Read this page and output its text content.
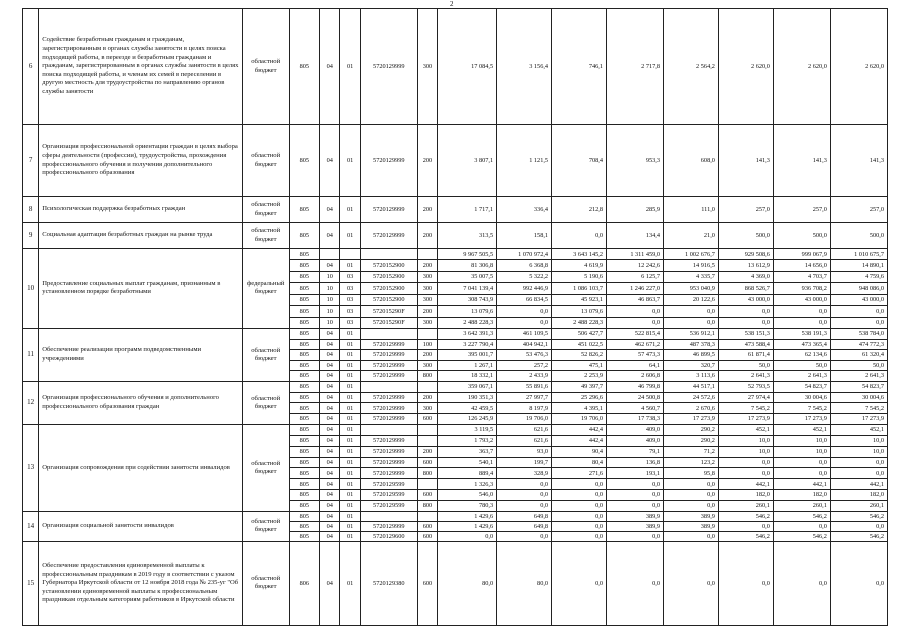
2
6	Содействие безработным гражданам и гражданам, зарегистрированным в органах службы занятости в целях поиска подходящей работы, в переезде и безработным гражданам и гражданам, зарегистрированным в органах службы занятости в целях поиска подходящей работы, и членам их семей в переселении в другую местность для трудоустройства по направлению органов службы занятости	областной бюджет	805	04	01	5720129999	300	17 084,5	3 156,4	746,1	2 717,8	2 564,2	2 620,0	2 620,0	2 620,0
7	Организация профессиональной ориентации граждан в целях выбора сферы деятельности (профессии), трудоустройства, прохождения профессионального обучения и получения дополнительного профессионального образования	областной бюджет	805	04	01	5720129999	200	3 807,1	1 121,5	708,4	953,3	608,0	141,3	141,3	141,3
8	Психологическая поддержка безработных граждан	областной бюджет	805	04	01	5720129999	200	1 717,1	336,4	212,8	285,9	111,0	257,0	257,0	257,0
9	Социальная адаптация безработных граждан на рынке труда	областной бюджет	805	04	01	5720129999	200	313,5	158,1	0,0	134,4	21,0	500,0	500,0	500,0
10	Предоставление социальных выплат гражданам, признанным в установленном порядке безработными	федеральный бюджет	805					9 967 505,5	1 070 972,4	3 643 145,2	1 311 459,0	1 002 676,7	929 508,6	999 067,9	1 010 675,7
			805	04	01	5720152900	200	81 306,8	6 368,8	4 619,9	12 242,6	14 916,5	13 612,9	14 656,0	14 890,1
			805	10	03	5720152900	300	35 007,5	5 322,2	5 190,6	6 125,7	4 335,7	4 369,0	4 703,7	4 759,6
			805	10	03	5720152900	300	7 041 139,4	992 446,9	1 086 103,7	1 246 227,0	953 040,9	868 526,7	936 708,2	948 086,0
			805	10	03	5720152900	300	308 743,9	66 834,5	45 923,1	46 863,7	20 122,6	43 000,0	43 000,0	43 000,0
			805	10	03	572015290F	200	13 079,6	0,0	13 079,6	0,0	0,0	0,0	0,0	0,0
			805	10	03	572015290F	300	2 488 228,3	0,0	2 488 228,3	0,0	0,0	0,0	0,0	0,0
11	Обеспечение реализации программ подведомственными учреждениями	областной бюджет	805	04	01			3 642 391,3	461 109,5	506 427,7	522 815,4	536 912,1	538 151,3	538 191,3	538 784,0
			805	04	01	5720129999	100	3 227 790,4	404 942,1	451 022,5	462 671,2	487 378,3	473 588,4	473 365,4	474 772,3
			805	04	01	5720129999	200	395 001,7	53 476,3	52 826,2	57 473,3	46 899,5	61 871,4	62 134,6	61 320,4
			805	04	01	5720129999	300	1 267,1	257,2	475,1	64,1	320,7	50,0	50,0	50,0
			805	04	01	5720129999	800	18 332,1	2 433,9	2 253,9	2 606,8	3 113,6	2 641,3	2 641,3	2 641,3
12	Организация профессионального обучения и дополнительного профессионального образования граждан	областной бюджет	805	04	01			359 067,1	55 891,6	49 397,7	46 799,8	44 517,1	52 793,5	54 823,7	54 823,7
			805	04	01	5720129999	200	190 351,3	27 997,7	25 296,6	24 500,8	24 572,6	27 974,4	30 004,6	30 004,6
			805	04	01	5720129999	300	42 459,5	8 197,9	4 395,1	4 560,7	2 670,6	7 545,2	7 545,2	7 545,2
			805	04	01	5720129999	600	126 245,9	19 706,0	19 706,0	17 738,3	17 273,9	17 273,9	17 273,9	17 273,9
13	Организация сопровождения при содействии занятости инвалидов	областной бюджет	805	04	01			3 119,5	621,6	442,4	409,0	290,2	452,1	452,1	452,1
			805	04	01	5720129999		1 793,2	621,6	442,4	409,0	290,2	10,0	10,0	10,0
			805	04	01	5720129999	200	363,7	93,0	90,4	79,1	71,2	10,0	10,0	10,0
			805	04	01	5720129999	600	540,1	199,7	80,4	136,8	123,2	0,0	0,0	0,0
			805	04	01	5720129999	800	889,4	328,9	271,6	193,1	95,8	0,0	0,0	0,0
			805	04	01	5720129599		1 326,3	0,0	0,0	0,0	0,0	442,1	442,1	442,1
			805	04	01	5720129599	600	546,0	0,0	0,0	0,0	0,0	182,0	182,0	182,0
			805	04	01	5720129599	800	780,3	0,0	0,0	0,0	0,0	260,1	260,1	260,1
14	Организация социальной занятости инвалидов	областной бюджет	805	04	01			1 429,6	649,8	0,0	389,9	389,9	546,2	546,2	546,2
			805	04	01	5720129999	600	1 429,6	649,8	0,0	389,9	389,9	0,0	0,0	0,0
			805	04	01	5720129600	600	0,0	0,0	0,0	0,0	0,0	546,2	546,2	546,2
15	Обеспечение предоставления единовременной выплаты к профессиональным праздникам в 2019 году в соответствии с указом Губернатора Иркутской области от 12 ноября 2018 года № 235-уг "Об установлении единовременной выплаты к профессиональным праздникам отдельным категориям работников в Иркутской области	областной бюджет	806	04	01	5720129380	600	80,0	80,0	0,0	0,0	0,0	0,0	0,0	0,0
